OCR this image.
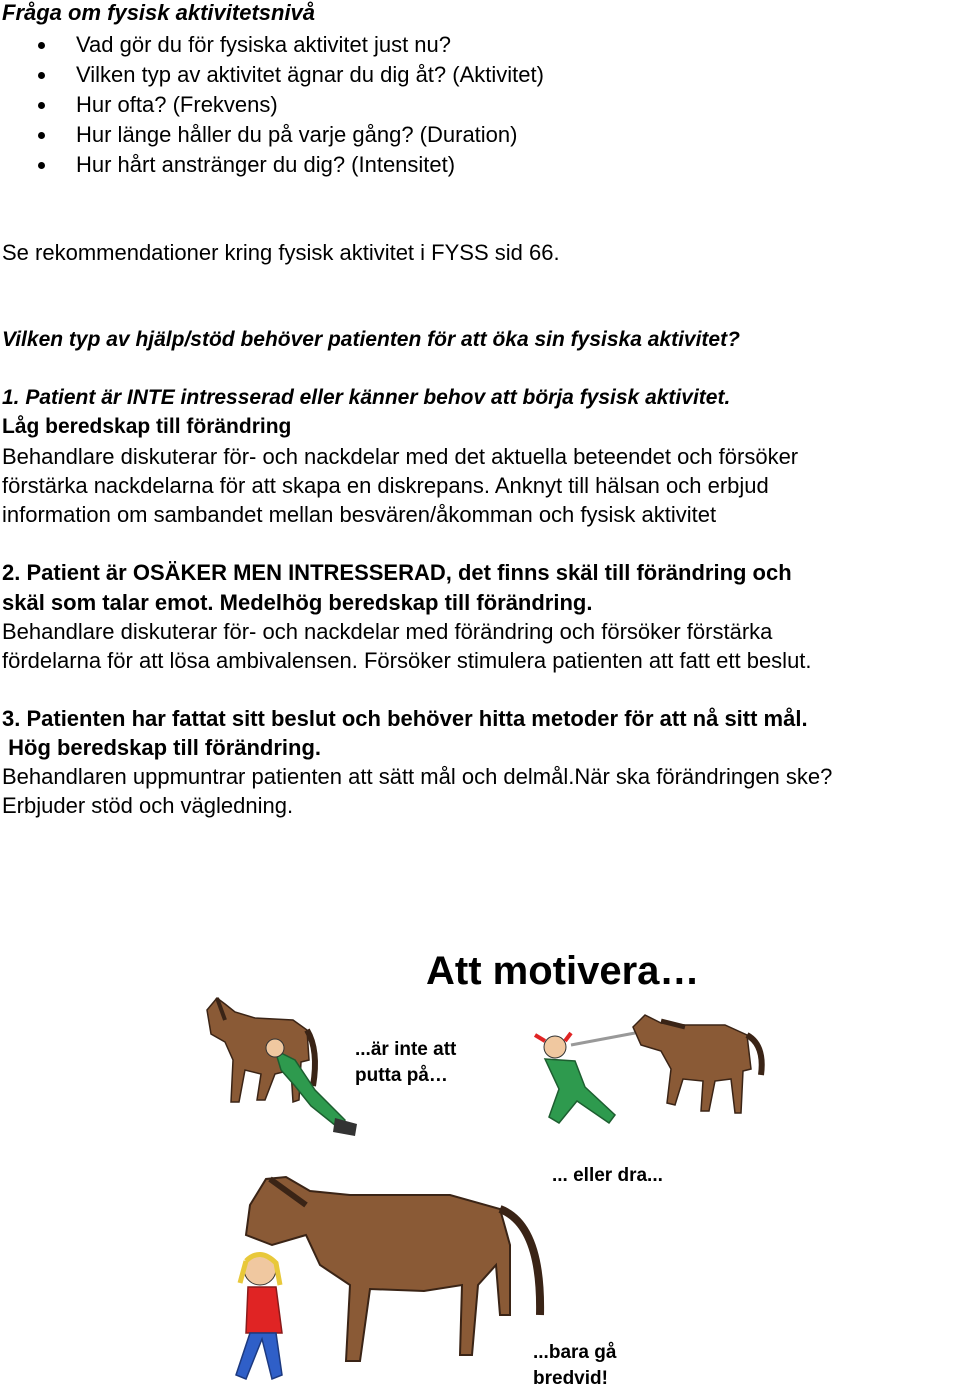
Fråga om fysisk aktivitetsnivå
Vad gör du för fysiska aktivitet just nu?
Vilken typ av aktivitet ägnar du dig åt? (Aktivitet)
Hur ofta? (Frekvens)
Hur länge håller du på varje gång? (Duration)
Hur hårt anstränger du dig? (Intensitet)
Se rekommendationer kring fysisk aktivitet i FYSS sid 66.
Vilken typ av hjälp/stöd behöver patienten för att öka sin fysiska aktivitet?
1. Patient är INTE intresserad eller känner behov att börja fysisk aktivitet.
Låg beredskap till förändring
Behandlare diskuterar för- och nackdelar med det aktuella beteendet och försöker
förstärka nackdelarna för att skapa en diskrepans. Anknyt till hälsan och erbjud
information om sambandet mellan besvären/åkomman och fysisk aktivitet
2. Patient är OSÄKER MEN INTRESSERAD, det finns skäl till förändring och
skäl som talar emot. Medelhög beredskap till förändring.
Behandlare diskuterar för- och nackdelar med förändring och försöker förstärka
fördelarna för att lösa ambivalensen. Försöker stimulera patienten att fatt ett beslut.
3. Patienten har fattat sitt beslut och behöver hitta metoder för att nå sitt mål.
Hög beredskap till förändring.
Behandlaren uppmuntrar patienten att sätt mål och delmål.När ska förändringen ske?
Erbjuder stöd och vägledning.
Att motivera…
...är inte att
putta på…
... eller dra...
...bara gå
bredvid!
